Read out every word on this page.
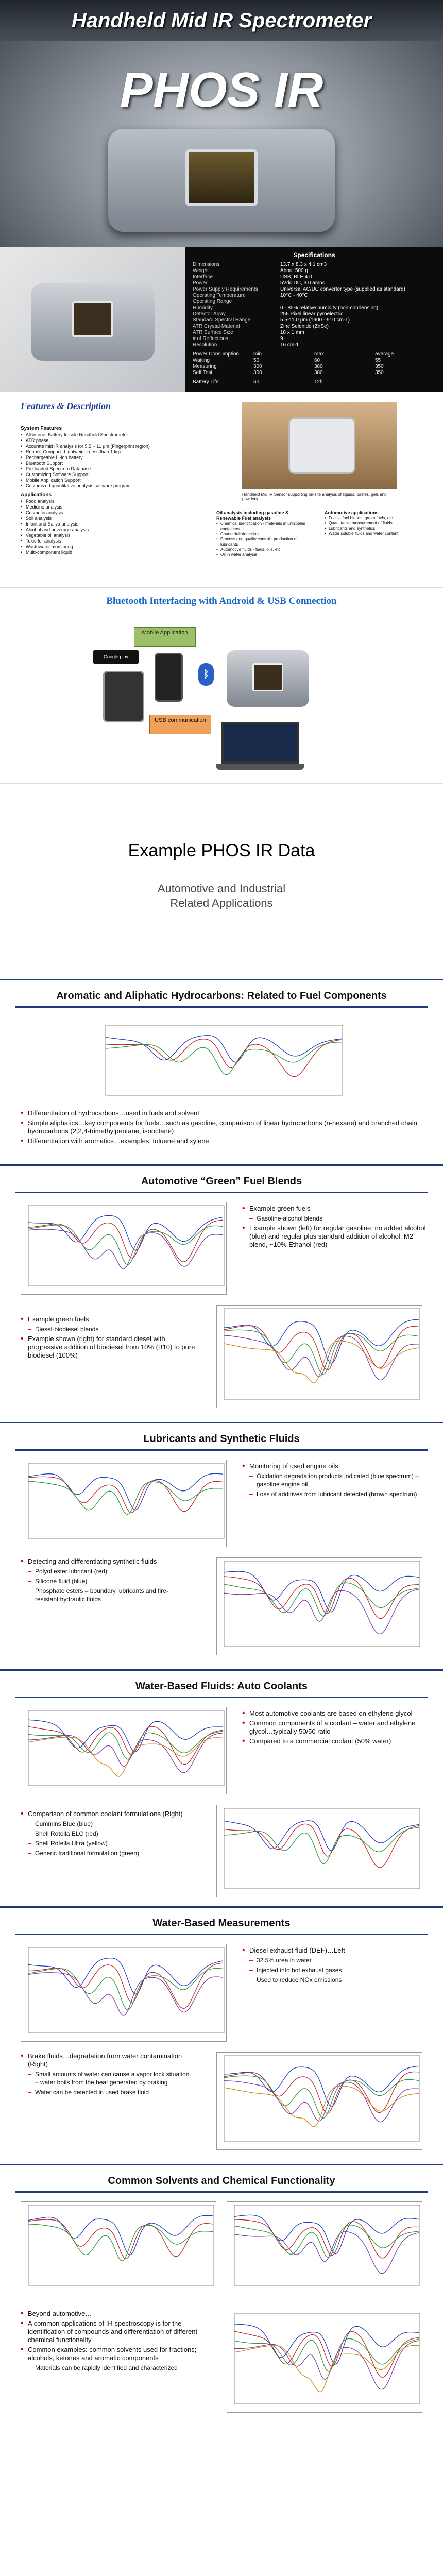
Handheld Mid IR Spectrometer
PHOS IR
Specifications
Dimensions	13.7 x 8.3 x 4.1 cm3
Weight	About 500 g
Interface	USB, BLE 4.0
Power	5Vdc DC, 3.0 amps
Power Supply Requirements	Universal AC/DC converter type (supplied as standard)
Operating Temperature	10°C - 40°C
Operating Range
Humidity	0 - 85% relative humidity (non-condensing)
Detector Array	256 Pixel linear pyroelectric
Standard Spectral Range	5.5-11.0 µm (1900 - 910 cm-1)
ATR Crystal Material	Zinc Selenide (ZnSe)
ATR Surface Size	18 x 1 mm
# of Reflections	9
Resolution	16 cm-1
Power Consumption	min	max	average
Waiting	50	60	55
Measuring	300	380	350
Self Test	300	380	350
Battery Life	6h	12h
Features & Description
System Features
• All-in-one, Battery In-side Handheld Spectrometer
• ATR phase
• Accurate mid IR analysis for 5.5 ~ 11 µm (Fingerprint region)
• Robust, Compact, Lightweight (less than 1 kg)
• Rechargeable Li-ion battery
• Bluetooth Support
• Pre-loaded Spectrum Database
• Customizing Software Support
• Mobile Application Support
• Customized quantitative analysis software program
Applications
• Food analysis
• Medicine analysis
• Cosmetic analysis
• Soil analysis
• Infant and Saliva analysis
• Alcohol and beverage analysis
• Vegetable oil analysis
• Toxic for analysis
• Wastewater monitoring
• Multi-component liquid
Handheld Mid IR Sensor supporting on-site analysis of liquids, pastes, gels and powders
Oil analysis including gasoline & Renewable Fuel analysis
• Chemical identification - materials in unlabeled containers
• Counterfeit detection
• Process and quality control - production of lubricants
• Automotive fluids - fuels, oils, etc
• Oil in water analysis
Automotive applications
• Fuels - fuel blends, green fuels, etc
• Quantitative measurement of fluids
• Lubricants and synthetics
• Water soluble fluids and water content
Bluetooth Interfacing with Android & USB Connection
Mobile Application
Google play
ᛒ
USB communication
Example PHOS IR Data
Automotive and Industrial
Related Applications
Aromatic and Aliphatic Hydrocarbons: Related to Fuel Components
• Differentiation of hydrocarbons…used in fuels and solvent
• Simple aliphatics…key components for fuels…such as gasoline, comparison of linear hydrocarbons (n-hexane) and branched chain hydrocarbons (2,2,4-trimethylpentane, isooctane)
• Differentiation with aromatics…examples, toluene and xylene
Automotive “Green” Fuel Blends
• Example green fuels
– Gasoline-alcohol blends
• Example shown (left) for regular gasoline; no added alcohol (blue) and regular plus standard addition of alcohol; M2 blend, ~10% Ethanol (red)
• Example green fuels
– Diesel-biodiesel blends
• Example shown (right) for standard diesel with progressive addition of biodiesel from 10% (B10) to pure biodiesel (100%)
Lubricants and Synthetic Fluids
• Monitoring of used engine oils
– Oxidation degradation products indicated (blue spectrum) – gasoline engine oil
– Loss of additives from lubricant detected (brown spectrum)
• Detecting and differentiating synthetic fluids
– Polyol ester lubricant (red)
– Silicone fluid (blue)
– Phosphate esters – boundary lubricants and fire-resistant hydraulic fluids
Water-Based Fluids: Auto Coolants
• Most automotive coolants are based on ethylene glycol
• Common components of a coolant – water and ethylene glycol…typically 50/50 ratio
• Compared to a commercial coolant (50% water)
• Comparison of common coolant formulations (Right)
– Cummins Blue (blue)
– Shell Rotella ELC (red)
– Shell Rotella Ultra (yellow)
– Generic traditional formulation (green)
Water-Based Measurements
• Diesel exhaust fluid (DEF)…Left
– 32.5% urea in water
– Injected into hot exhaust gases
– Used to reduce NOx emissions
• Brake fluids…degradation from water contamination (Right)
– Small amounts of water can cause a vapor lock situation – water boils from the heat generated by braking
– Water can be detected in used brake fluid
Common Solvents and Chemical Functionality
• Beyond automotive…
• A common applications of IR spectroscopy is for the identification of compounds and differentiation of different chemical functionality
• Common examples: common solvents used for fractions; alcohols, ketones and aromatic components
– Materials can be rapidly identified and characterized
